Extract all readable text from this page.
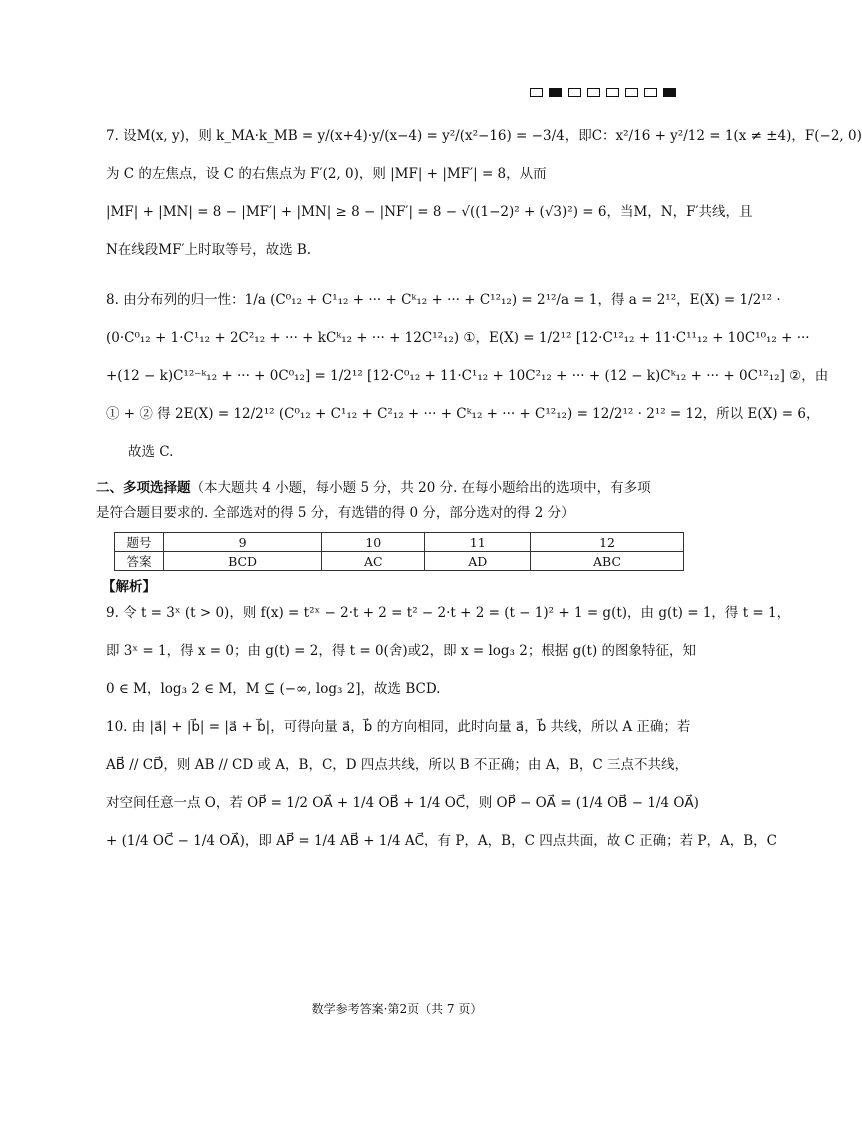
7. 设M(x, y)，则 k_MA·k_MB = y/(x+4)·y/(x−4) = y²/(x²−16) = −3/4，即C：x²/16 + y²/12 = 1(x ≠ ±4)，F(−2, 0)
为 C 的左焦点，设 C 的右焦点为 F′(2, 0)，则 |MF| + |MF′| = 8，从而
|MF| + |MN| = 8 − |MF′| + |MN| ≥ 8 − |NF′| = 8 − √((1−2)² + (√3)²) = 6，当M，N，F′共线，且
N在线段MF′上时取等号，故选 B.
8. 由分布列的归一性：1/a (C⁰₁₂ + C¹₁₂ + ··· + Cᵏ₁₂ + ··· + C¹²₁₂) = 2¹²/a = 1，得 a = 2¹²，E(X) = 1/2¹² ·
(0·C⁰₁₂ + 1·C¹₁₂ + 2C²₁₂ + ··· + kCᵏ₁₂ + ··· + 12C¹²₁₂) ①，E(X) = 1/2¹² [12·C¹²₁₂ + 11·C¹¹₁₂ + 10C¹⁰₁₂ + ···
+(12 − k)C¹²⁻ᵏ₁₂ + ··· + 0C⁰₁₂] = 1/2¹² [12·C⁰₁₂ + 11·C¹₁₂ + 10C²₁₂ + ··· + (12 − k)Cᵏ₁₂ + ··· + 0C¹²₁₂] ②，由
① + ② 得 2E(X) = 12/2¹² (C⁰₁₂ + C¹₁₂ + C²₁₂ + ··· + Cᵏ₁₂ + ··· + C¹²₁₂) = 12/2¹² · 2¹² = 12，所以 E(X) = 6，
故选 C.
二、多项选择题（本大题共 4 小题，每小题 5 分，共 20 分. 在每小题给出的选项中，有多项
是符合题目要求的. 全部选对的得 5 分，有选错的得 0 分，部分选对的得 2 分）
题号	9	10	11	12
答案	BCD	AC	AD	ABC
【解析】
9. 令 t = 3ˣ (t > 0)，则 f(x) = t²ˣ − 2·t + 2 = t² − 2·t + 2 = (t − 1)² + 1 = g(t)，由 g(t) = 1，得 t = 1，
即 3ˣ = 1，得 x = 0；由 g(t) = 2，得 t = 0(舍)或2，即 x = log₃ 2；根据 g(t) 的图象特征，知
0 ∈ M，log₃ 2 ∈ M，M ⊆ (−∞, log₃ 2]，故选 BCD.
10. 由 |a⃗| + |b⃗| = |a⃗ + b⃗|，可得向量 a⃗，b⃗ 的方向相同，此时向量 a⃗，b⃗ 共线，所以 A 正确；若
AB⃗ // CD⃗，则 AB // CD 或 A，B，C，D 四点共线，所以 B 不正确；由 A，B，C 三点不共线，
对空间任意一点 O，若 OP⃗ = 1/2 OA⃗ + 1/4 OB⃗ + 1/4 OC⃗，则 OP⃗ − OA⃗ = (1/4 OB⃗ − 1/4 OA⃗)
+ (1/4 OC⃗ − 1/4 OA⃗)，即 AP⃗ = 1/4 AB⃗ + 1/4 AC⃗，有 P，A，B，C 四点共面，故 C 正确；若 P，A，B，C
数学参考答案·第2页（共 7 页）
